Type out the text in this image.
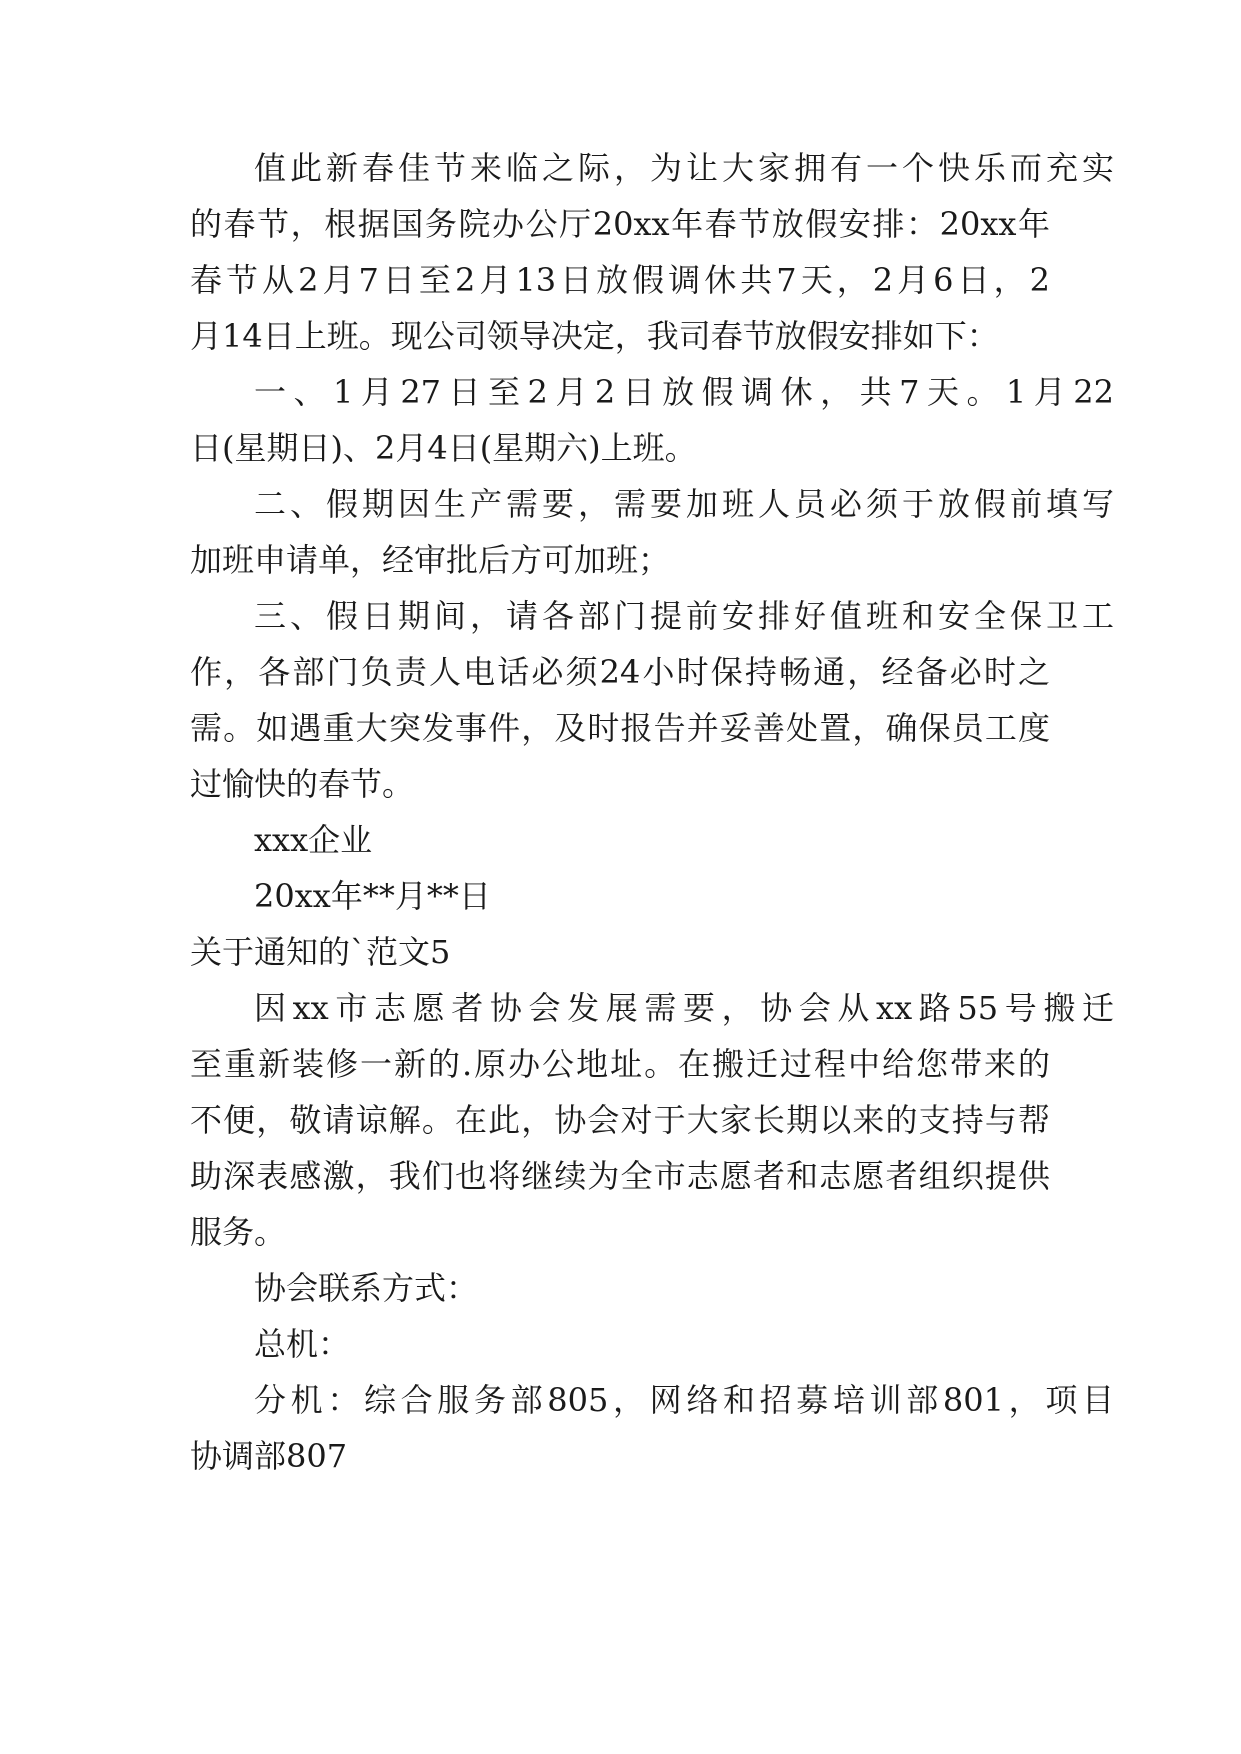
值此新春佳节来临之际，为让大家拥有一个快乐而充实

的春节，根据国务院办公厅20xx年春节放假安排：20xx年

春节从2月7日至2月13日放假调休共7天，2月6日，2

月14日上班。现公司领导决定，我司春节放假安排如下：

一、1月27日至2月2日放假调休，共7天。1月22

日(星期日)、2月4日(星期六)上班。

二、假期因生产需要，需要加班人员必须于放假前填写

加班申请单，经审批后方可加班；

三、假日期间，请各部门提前安排好值班和安全保卫工

作，各部门负责人电话必须24小时保持畅通，经备必时之

需。如遇重大突发事件，及时报告并妥善处置，确保员工度

过愉快的春节。

xxx企业

20xx年**月**日

关于通知的`范文5

因xx市志愿者协会发展需要，协会从xx路55号搬迁

至重新装修一新的.原办公地址。在搬迁过程中给您带来的

不便，敬请谅解。在此，协会对于大家长期以来的支持与帮

助深表感激，我们也将继续为全市志愿者和志愿者组织提供

服务。

协会联系方式：

总机：

分机：综合服务部805，网络和招募培训部801，项目

协调部807
